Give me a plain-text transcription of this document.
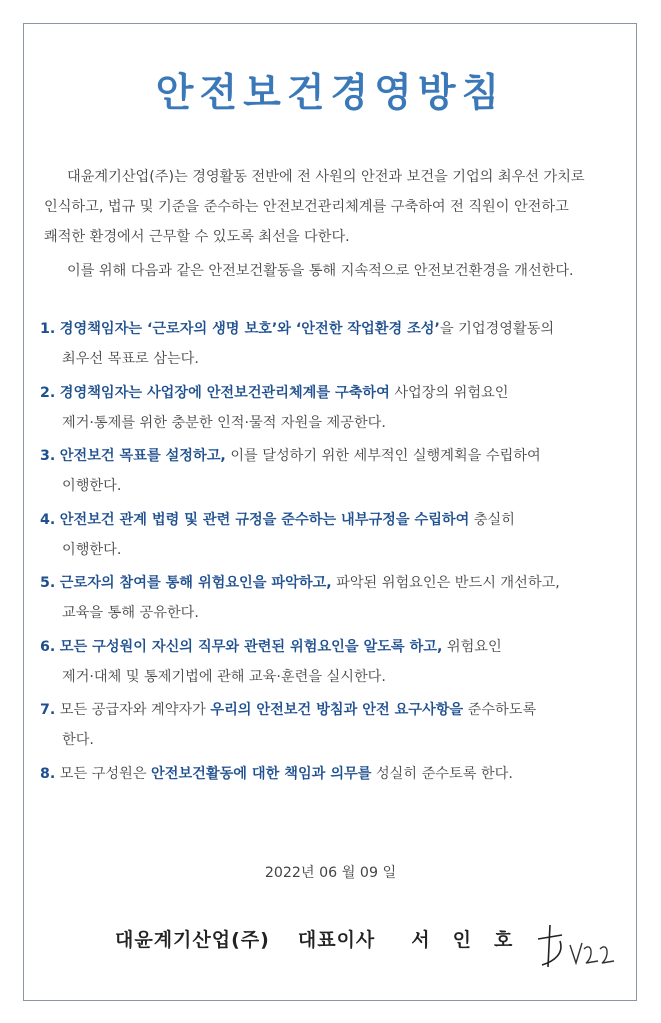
안전보건경영방침
대윤계기산업(주)는 경영활동 전반에 전 사원의 안전과 보건을 기업의 최우선 가치로
인식하고, 법규 및 기준을 준수하는 안전보건관리체계를 구축하여 전 직원이 안전하고
쾌적한 환경에서 근무할 수 있도록 최선을 다한다.
이를 위해 다음과 같은 안전보건활동을 통해 지속적으로 안전보건환경을 개선한다.
1. 경영책임자는 ‘근로자의 생명 보호’와 ‘안전한 작업환경 조성’을 기업경영활동의
최우선 목표로 삼는다.
2. 경영책임자는 사업장에 안전보건관리체계를 구축하여 사업장의 위험요인
제거·통제를 위한 충분한 인적·물적 자원을 제공한다.
3. 안전보건 목표를 설정하고, 이를 달성하기 위한 세부적인 실행계획을 수립하여
이행한다.
4. 안전보건 관계 법령 및 관련 규정을 준수하는 내부규정을 수립하여 충실히
이행한다.
5. 근로자의 참여를 통해 위험요인을 파악하고, 파악된 위험요인은 반드시 개선하고,
교육을 통해 공유한다.
6. 모든 구성원이 자신의 직무와 관련된 위험요인을 알도록 하고, 위험요인
제거·대체 및 통제기법에 관해 교육·훈련을 실시한다.
7. 모든 공급자와 계약자가 우리의 안전보건 방침과 안전 요구사항을 준수하도록
한다.
8. 모든 구성원은 안전보건활동에 대한 책임과 의무를 성실히 준수토록 한다.
2022년 06 월 09 일
대윤계기산업(주) 대표이사 서 인 호
